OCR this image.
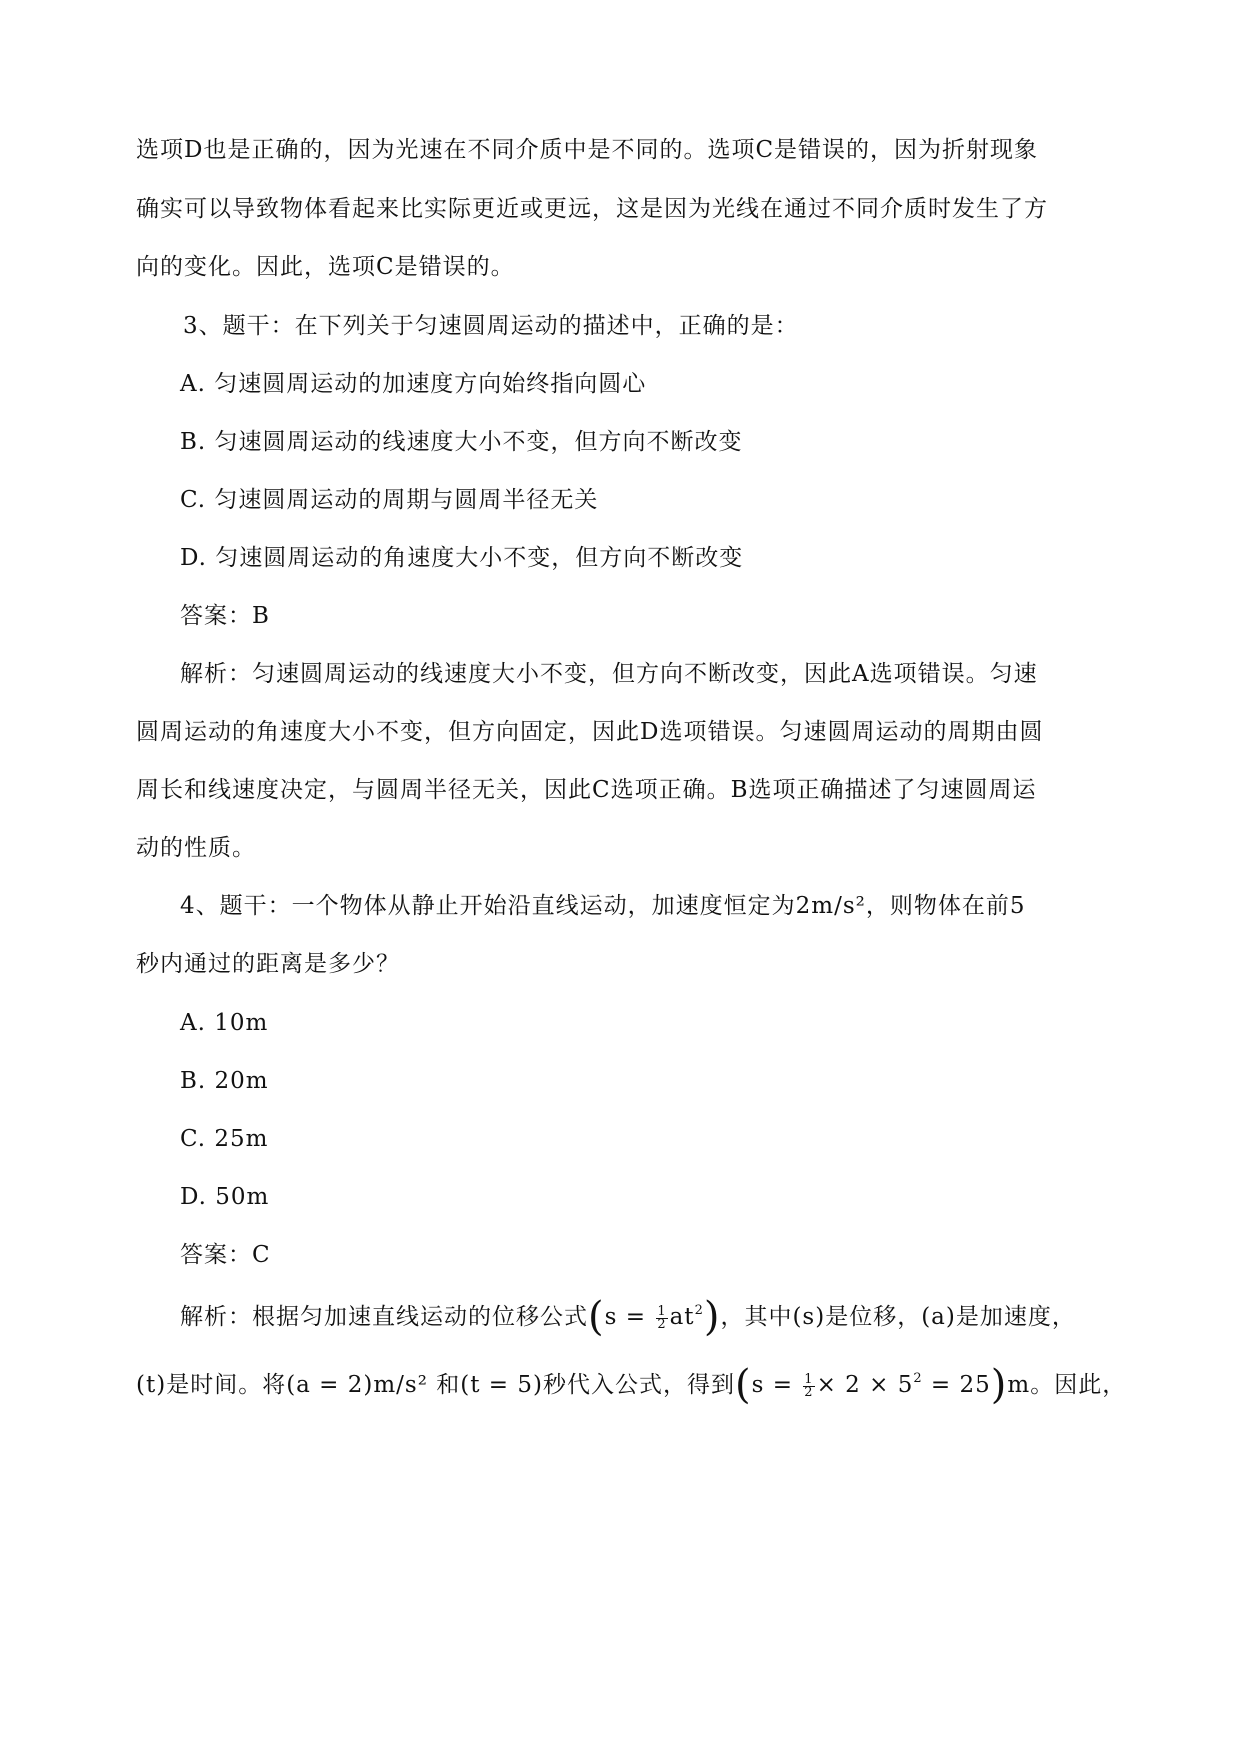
选项D也是正确的，因为光速在不同介质中是不同的。选项C是错误的，因为折射现象
确实可以导致物体看起来比实际更近或更远，这是因为光线在通过不同介质时发生了方
向的变化。因此，选项C是错误的。
3、题干：在下列关于匀速圆周运动的描述中，正确的是：
A. 匀速圆周运动的加速度方向始终指向圆心
B. 匀速圆周运动的线速度大小不变，但方向不断改变
C. 匀速圆周运动的周期与圆周半径无关
D. 匀速圆周运动的角速度大小不变，但方向不断改变
答案：B
解析：匀速圆周运动的线速度大小不变，但方向不断改变，因此A选项错误。匀速
圆周运动的角速度大小不变，但方向固定，因此D选项错误。匀速圆周运动的周期由圆
周长和线速度决定，与圆周半径无关，因此C选项正确。B选项正确描述了匀速圆周运
动的性质。
4、题干：一个物体从静止开始沿直线运动，加速度恒定为2m/s²，则物体在前5
秒内通过的距离是多少？
A. 10m
B. 20m
C. 25m
D. 50m
答案：C
解析：根据匀加速直线运动的位移公式$(s = \frac{1}{2} at^2)$，其中(s)是位移，(a)是加速度，
(t)是时间。将(a = 2)m/s² 和(t = 5)秒代入公式，得到$(s = \frac{1}{2} \times 2 \times 5^2 = 25)m$。因此，
